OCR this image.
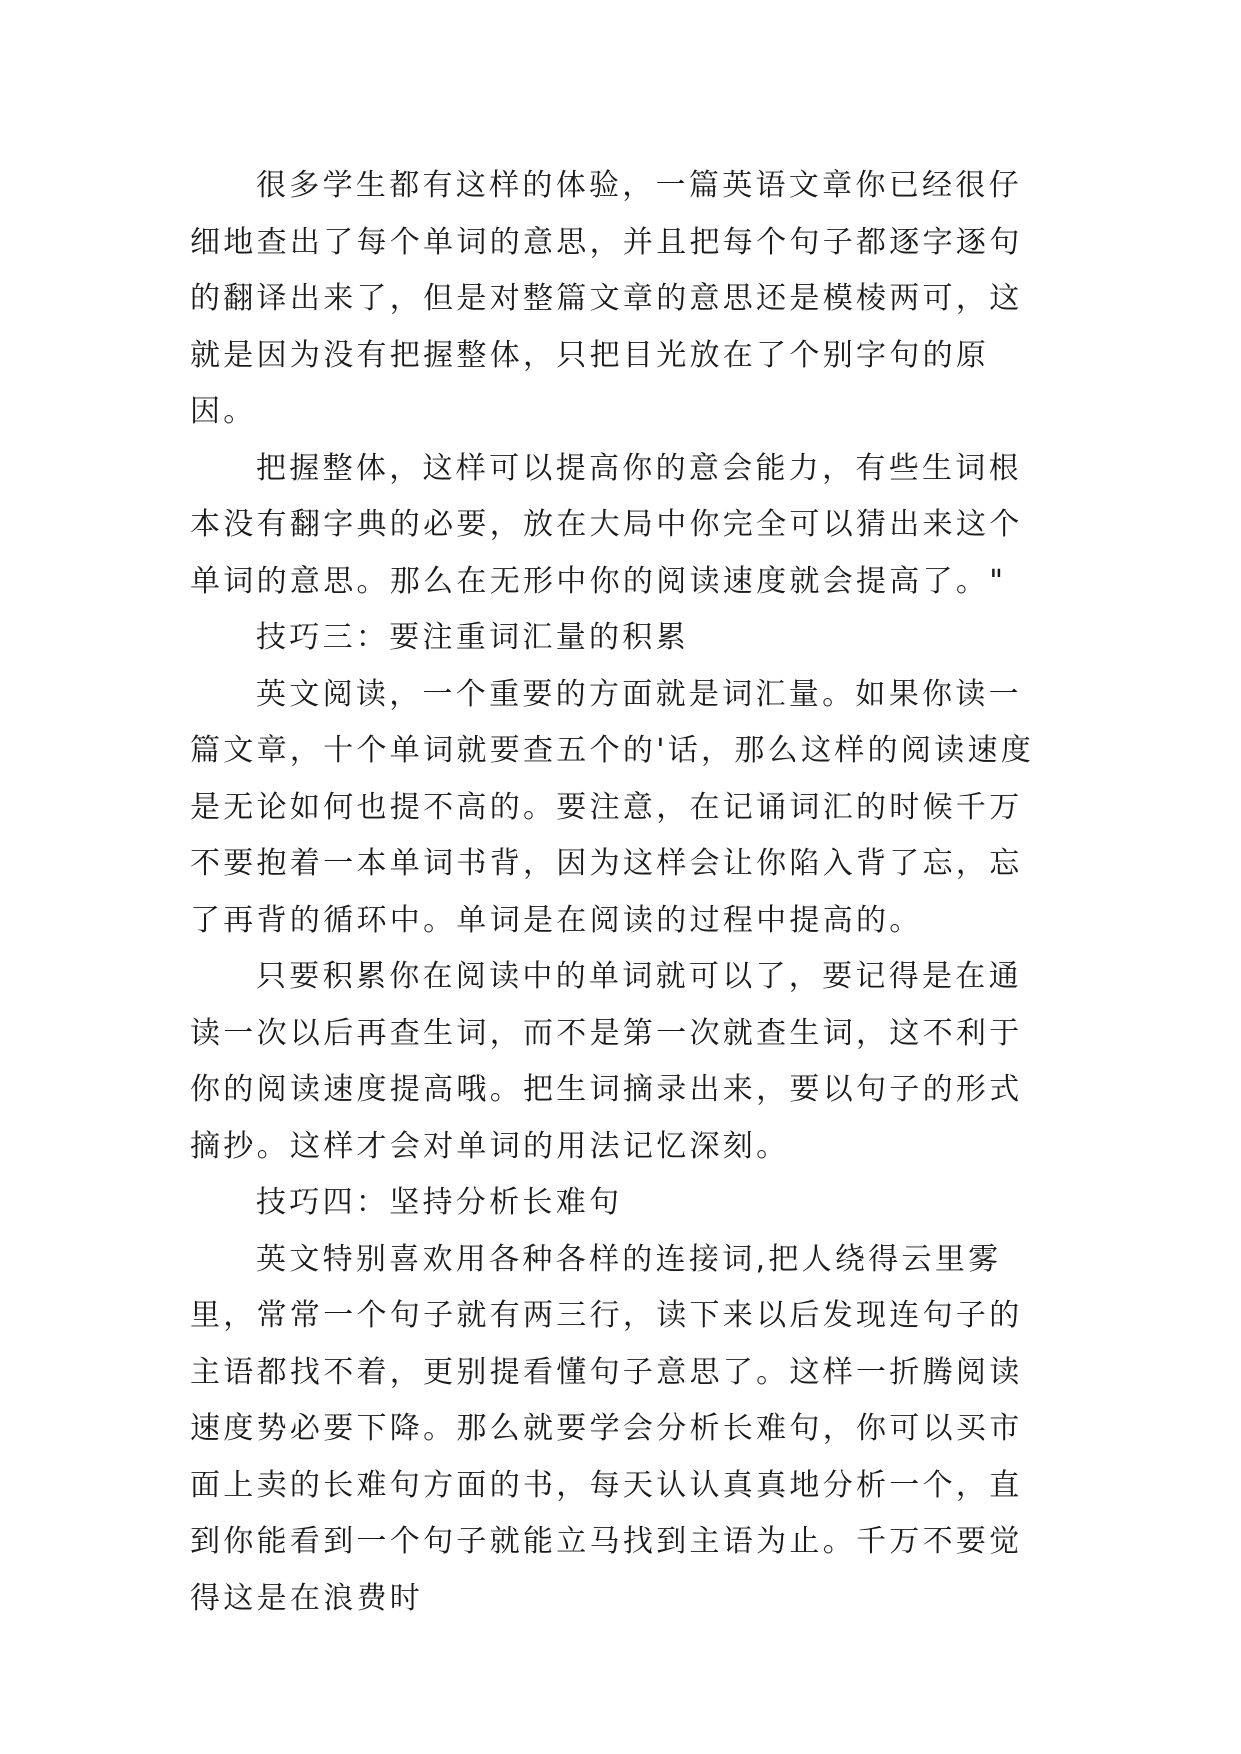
很多学生都有这样的体验，一篇英语文章你已经很仔细地查出了每个单词的意思，并且把每个句子都逐字逐句的翻译出来了，但是对整篇文章的意思还是模棱两可，这就是因为没有把握整体，只把目光放在了个别字句的原因。

把握整体，这样可以提高你的意会能力，有些生词根本没有翻字典的必要，放在大局中你完全可以猜出来这个单词的意思。那么在无形中你的阅读速度就会提高了。"

技巧三：要注重词汇量的积累

英文阅读，一个重要的方面就是词汇量。如果你读一篇文章，十个单词就要查五个的'话，那么这样的阅读速度是无论如何也提不高的。要注意，在记诵词汇的时候千万不要抱着一本单词书背，因为这样会让你陷入背了忘，忘了再背的循环中。单词是在阅读的过程中提高的。

只要积累你在阅读中的单词就可以了，要记得是在通读一次以后再查生词，而不是第一次就查生词，这不利于你的阅读速度提高哦。把生词摘录出来，要以句子的形式摘抄。这样才会对单词的用法记忆深刻。

技巧四：坚持分析长难句

英文特别喜欢用各种各样的连接词,把人绕得云里雾里，常常一个句子就有两三行，读下来以后发现连句子的主语都找不着，更别提看懂句子意思了。这样一折腾阅读速度势必要下降。那么就要学会分析长难句，你可以买市面上卖的长难句方面的书，每天认认真真地分析一个，直到你能看到一个句子就能立马找到主语为止。千万不要觉得这是在浪费时
